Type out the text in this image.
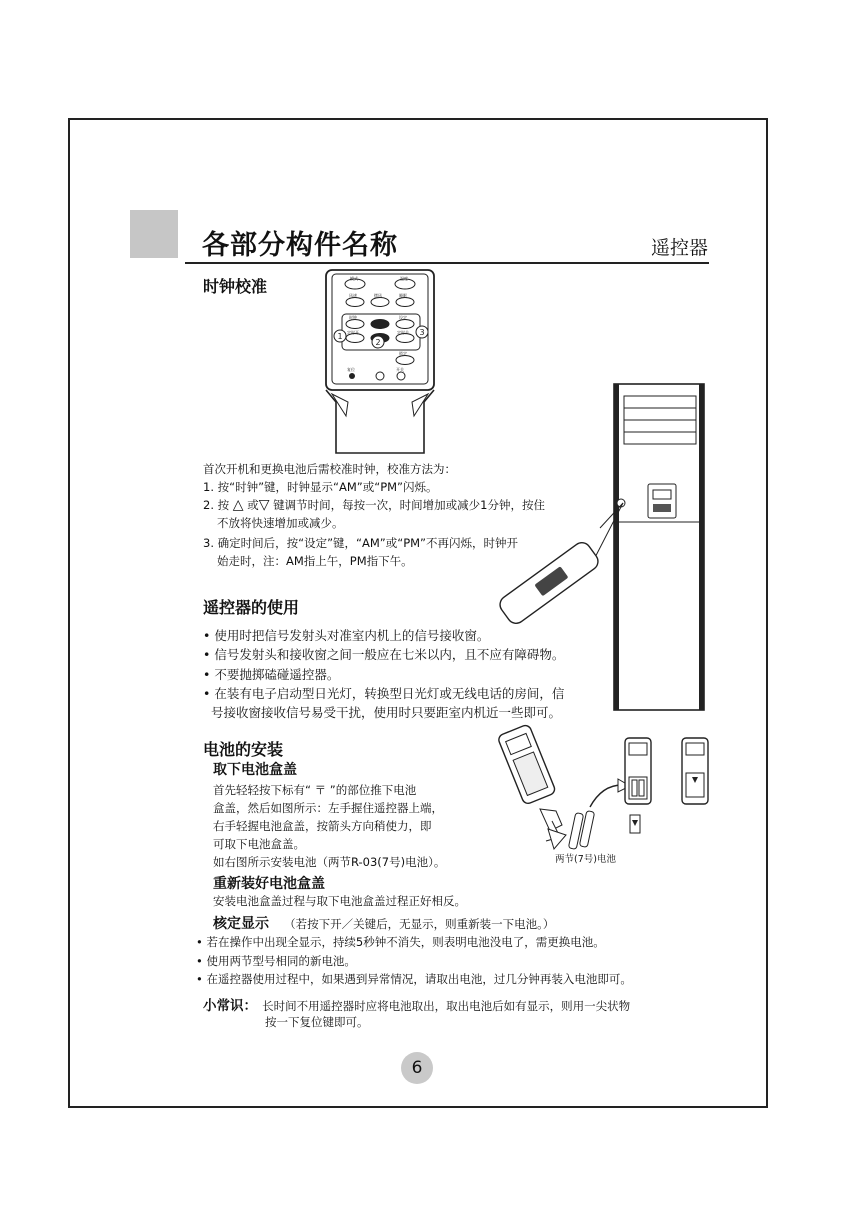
各部分构件名称	遥控器
时钟校准	模式	温度
风速	摆风	睡眠
时钟	设定
定时开	定时关
锁定
复位	开关
1
2
3
首次开机和更换电池后需校准时钟，校准方法为：
1. 按“时钟”键，时钟显示“AM”或“PM”闪烁。
2. 按 △ 或▽ 键调节时间，每按一次，时间增加或减少1分钟，按住
不放将快速增加或减少。
3. 确定时间后，按“设定”键，“AM”或“PM”不再闪烁，时钟开
始走时，注：AM指上午，PM指下午。
遥控器的使用
• 使用时把信号发射头对准室内机上的信号接收窗。
• 信号发射头和接收窗之间一般应在七米以内，且不应有障碍物。
• 不要抛掷磕碰遥控器。
• 在装有电子启动型日光灯，转换型日光灯或无线电话的房间，信
号接收窗接收信号易受干扰，使用时只要距室内机近一些即可。
电池的安装
取下电池盒盖
首先轻轻按下标有“ 〒 ”的部位推下电池
盒盖，然后如图所示：左手握住遥控器上端，
右手轻握电池盒盖，按箭头方向稍使力，即
可取下电池盒盖。
如右图所示安装电池（两节R-03(7号)电池）。	两节(7号)电池
重新装好电池盒盖
安装电池盒盖过程与取下电池盒盖过程正好相反。
核定显示 （若按下开／关键后，无显示，则重新装一下电池。）
• 若在操作中出现全显示，持续5秒钟不消失，则表明电池没电了，需更换电池。
• 使用两节型号相同的新电池。
• 在遥控器使用过程中，如果遇到异常情况，请取出电池，过几分钟再装入电池即可。
小常识： 长时间不用遥控器时应将电池取出，取出电池后如有显示，则用一尖状物
按一下复位键即可。
6
